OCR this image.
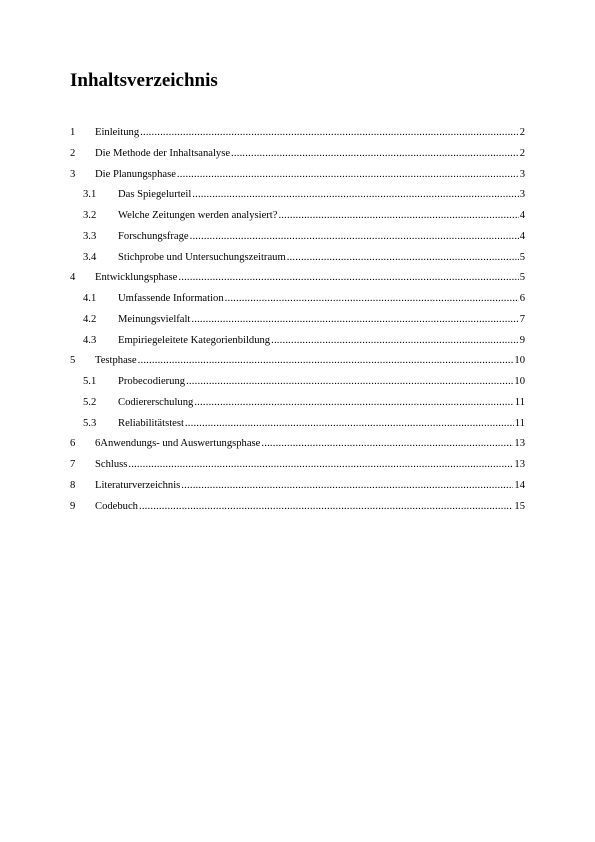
Inhaltsverzeichnis
1	Einleitung .....	2
2	Die Methode der Inhaltsanalyse .....	2
3	Die Planungsphase .....	3
3.1	Das Spiegelurteil .....	3
3.2	Welche Zeitungen werden analysiert? .....	4
3.3	Forschungsfrage .....	4
3.4	Stichprobe und Untersuchungszeitraum .....	5
4	Entwicklungsphase .....	5
4.1	Umfassende Information .....	6
4.2	Meinungsvielfalt .....	7
4.3	Empiriegeleitete Kategorienbildung .....	9
5	Testphase .....	10
5.1	Probecodierung .....	10
5.2	Codiererschulung .....	11
5.3	Reliabilitätstest .....	11
6	6Anwendungs- und Auswertungsphase .....	13
7	Schluss .....	13
8	Literaturverzeichnis .....	14
9	Codebuch .....	15
